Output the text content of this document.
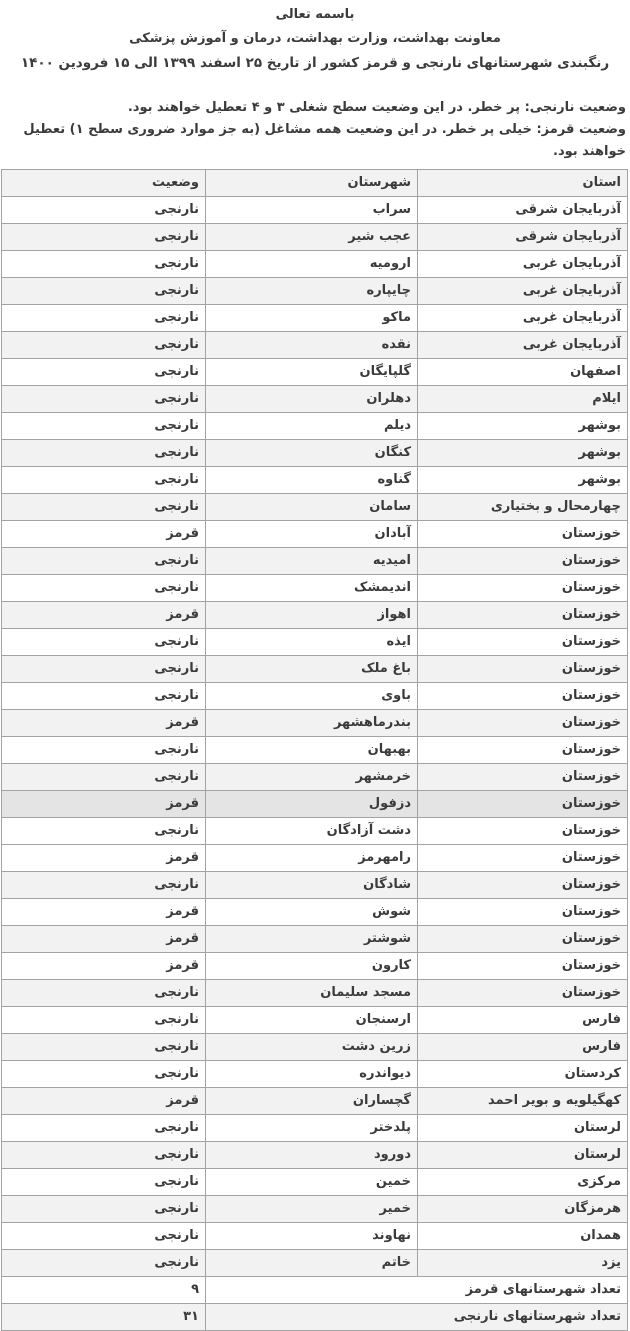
باسمه تعالی

معاونت بهداشت، وزارت بهداشت، درمان و آموزش پزشکی

رنگبندی شهرستانهای نارنجی و قرمز کشور از تاریخ ۲۵ اسفند ۱۳۹۹ الی ۱۵ فرودین ۱۴۰۰

وضعیت نارنجی: پر خطر. در این وضعیت سطح شغلی ۳ و ۴ تعطیل خواهند بود.

وضعیت قرمز: خیلی پر خطر. در این وضعیت همه مشاغل (به جز موارد ضروری سطح ۱) تعطیل خواهند بود.

استان	شهرستان	وضعیت
آذربایجان شرقی	سراب	نارنجی
آذربایجان شرقی	عجب شیر	نارنجی
آذربایجان غربی	ارومیه	نارنجی
آذربایجان غربی	چایپاره	نارنجی
آذربایجان غربی	ماکو	نارنجی
آذربایجان غربی	نقده	نارنجی
اصفهان	گلپایگان	نارنجی
ایلام	دهلران	نارنجی
بوشهر	دیلم	نارنجی
بوشهر	کنگان	نارنجی
بوشهر	گناوه	نارنجی
چهارمحال و بختیاری	سامان	نارنجی
خوزستان	آبادان	قرمز
خوزستان	امیدیه	نارنجی
خوزستان	اندیمشک	نارنجی
خوزستان	اهواز	قرمز
خوزستان	ایذه	نارنجی
خوزستان	باغ ملک	نارنجی
خوزستان	باوی	نارنجی
خوزستان	بندرماهشهر	قرمز
خوزستان	بهبهان	نارنجی
خوزستان	خرمشهر	نارنجی
خوزستان	دزفول	قرمز
خوزستان	دشت آزادگان	نارنجی
خوزستان	رامهرمز	قرمز
خوزستان	شادگان	نارنجی
خوزستان	شوش	قرمز
خوزستان	شوشتر	قرمز
خوزستان	کارون	قرمز
خوزستان	مسجد سلیمان	نارنجی
فارس	ارسنجان	نارنجی
فارس	زرین دشت	نارنجی
کردستان	دیواندره	نارنجی
کهگیلویه و بویر احمد	گچساران	قرمز
لرستان	پلدختر	نارنجی
لرستان	دورود	نارنجی
مرکزی	خمین	نارنجی
هرمزگان	خمیر	نارنجی
همدان	نهاوند	نارنجی
یزد	خاتم	نارنجی
تعداد شهرستانهای قرمز		۹
تعداد شهرستانهای نارنجی		۳۱
